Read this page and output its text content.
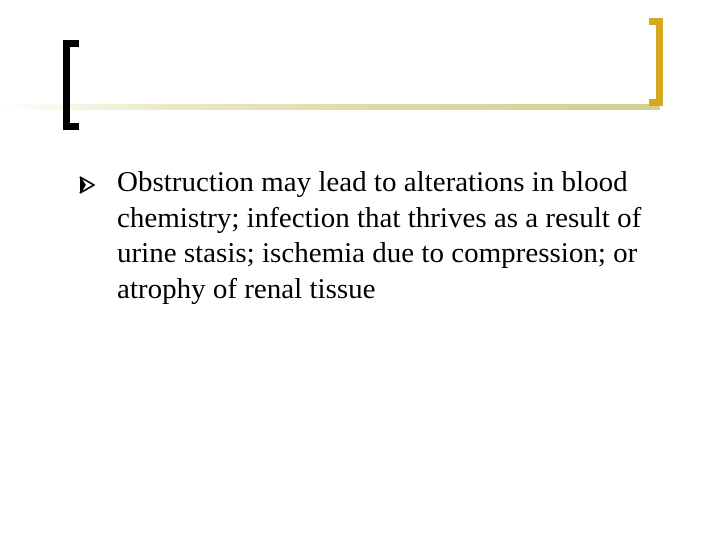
Obstruction may lead to alterations in blood chemistry; infection that thrives as a result of urine stasis; ischemia due to compression; or atrophy of renal tissue
